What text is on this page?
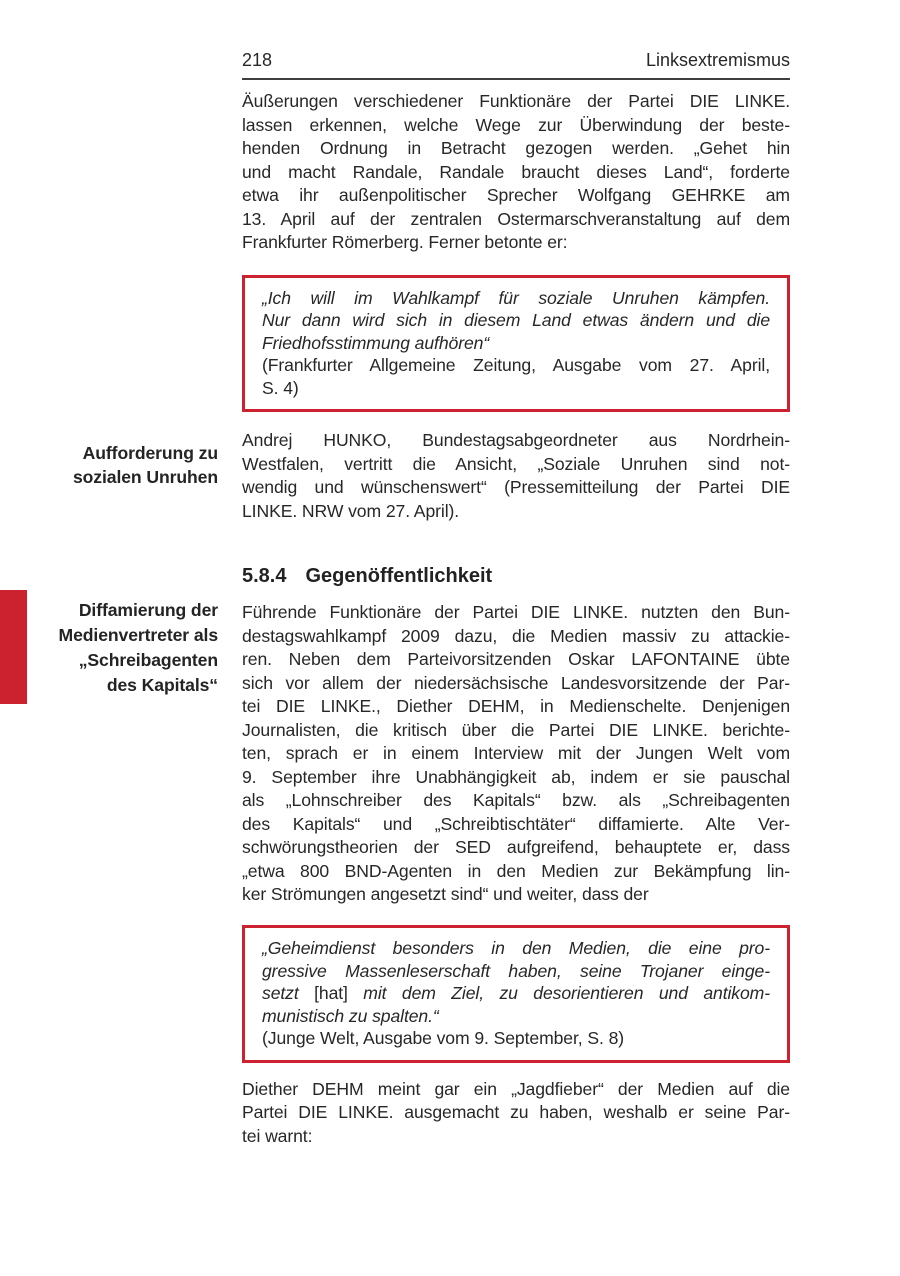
Aufforderung zu
sozialen Unruhen
Diffamierung der
Medienvertreter als
„Schreibagenten
des Kapitals“
218	Linksextremismus
Äußerungen verschiedener Funktionäre der Partei DIE LINKE.
lassen erkennen, welche Wege zur Überwindung der beste-
henden Ordnung in Betracht gezogen werden. „Gehet hin
und macht Randale, Randale braucht dieses Land“, forderte
etwa ihr außenpolitischer Sprecher Wolfgang GEHRKE am
13. April auf der zentralen Ostermarschveranstaltung auf dem
Frankfurter Römerberg. Ferner betonte er:
„Ich will im Wahlkampf für soziale Unruhen kämpfen.
Nur dann wird sich in diesem Land etwas ändern und die
Friedhofsstimmung aufhören“
(Frankfurter Allgemeine Zeitung, Ausgabe vom 27. April,
S. 4)
Andrej HUNKO, Bundestagsabgeordneter aus Nordrhein-
Westfalen, vertritt die Ansicht, „Soziale Unruhen sind not-
wendig und wünschenswert“ (Pressemitteilung der Partei DIE
LINKE. NRW vom 27. April).
5.8.4 Gegenöffentlichkeit
Führende Funktionäre der Partei DIE LINKE. nutzten den Bun-
destagswahlkampf 2009 dazu, die Medien massiv zu attackie-
ren. Neben dem Parteivorsitzenden Oskar LAFONTAINE übte
sich vor allem der niedersächsische Landesvorsitzende der Par-
tei DIE LINKE., Diether DEHM, in Medienschelte. Denjenigen
Journalisten, die kritisch über die Partei DIE LINKE. berichte-
ten, sprach er in einem Interview mit der Jungen Welt vom
9. September ihre Unabhängigkeit ab, indem er sie pauschal
als „Lohnschreiber des Kapitals“ bzw. als „Schreibagenten
des Kapitals“ und „Schreibtischtäter“ diffamierte. Alte Ver-
schwörungstheorien der SED aufgreifend, behauptete er, dass
„etwa 800 BND-Agenten in den Medien zur Bekämpfung lin-
ker Strömungen angesetzt sind“ und weiter, dass der
„Geheimdienst besonders in den Medien, die eine pro-
gressive Massenleserschaft haben, seine Trojaner einge-
setzt [hat] mit dem Ziel, zu desorientieren und antikom-
munistisch zu spalten.“
(Junge Welt, Ausgabe vom 9. September, S. 8)
Diether DEHM meint gar ein „Jagdfieber“ der Medien auf die
Partei DIE LINKE. ausgemacht zu haben, weshalb er seine Par-
tei warnt:
